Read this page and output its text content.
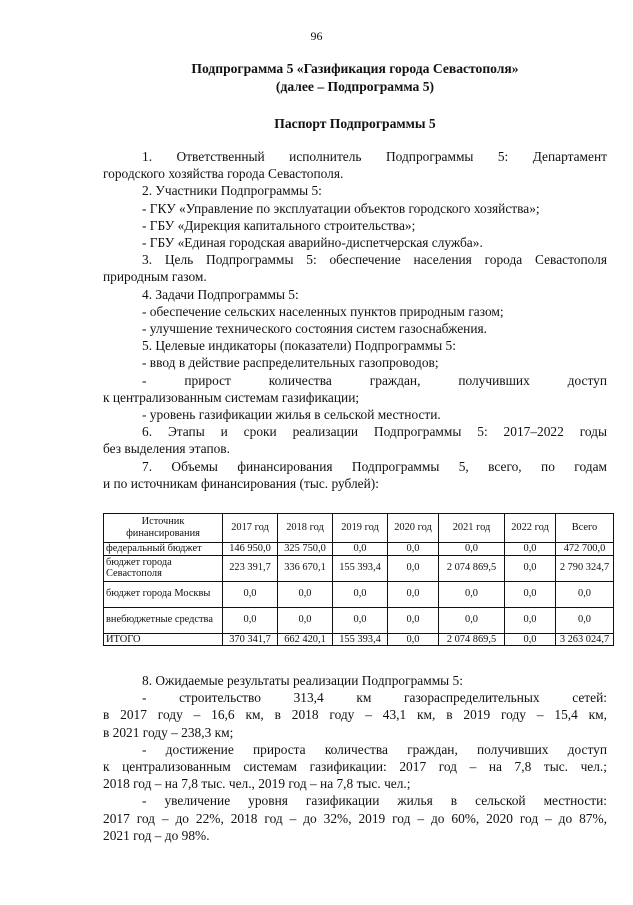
96
Подпрограмма 5 «Газификация города Севастополя»
(далее – Подпрограмма 5)
Паспорт Подпрограммы 5

1. Ответственный исполнитель Подпрограммы 5: Департамент

городского хозяйства города Севастополя.

2. Участники Подпрограммы 5:

- ГКУ «Управление по эксплуатации объектов городского хозяйства»;

- ГБУ «Дирекция капитального строительства»;

- ГБУ «Единая городская аварийно-диспетчерская служба».

3. Цель Подпрограммы 5: обеспечение населения города Севастополя

природным газом.

4. Задачи Подпрограммы 5:

- обеспечение сельских населенных пунктов природным газом;

- улучшение технического состояния систем газоснабжения.

5. Целевые индикаторы (показатели) Подпрограммы 5:

- ввод в действие распределительных газопроводов;

- прирост количества граждан, получивших доступ

к централизованным системам газификации;

- уровень газификации жилья в сельской местности.

6. Этапы и сроки реализации Подпрограммы 5: 2017–2022 годы

без выделения этапов.

7. Объемы финансирования Подпрограммы 5, всего, по годам

и по источникам финансирования (тыс. рублей):

Источник финансирования	2017 год	2018 год	2019 год	2020 год	2021 год	2022 год	Всего
федеральный бюджет	146 950,0	325 750,0	0,0	0,0	0,0	0,0	472 700,0
бюджет города Севастополя	223 391,7	336 670,1	155 393,4	0,0	2 074 869,5	0,0	2 790 324,7
бюджет города Москвы	0,0	0,0	0,0	0,0	0,0	0,0	0,0
внебюджетные средства	0,0	0,0	0,0	0,0	0,0	0,0	0,0
ИТОГО	370 341,7	662 420,1	155 393,4	0,0	2 074 869,5	0,0	3 263 024,7

8. Ожидаемые результаты реализации Подпрограммы 5:

- строительство 313,4 км газораспределительных сетей:

в 2017 году – 16,6 км, в 2018 году – 43,1 км, в 2019 году – 15,4 км,

в 2021 году – 238,3 км;

- достижение прироста количества граждан, получивших доступ

к централизованным системам газификации: 2017 год – на 7,8 тыс. чел.;

2018 год – на 7,8 тыс. чел., 2019 год – на 7,8 тыс. чел.;

- увеличение уровня газификации жилья в сельской местности:

2017 год – до 22%, 2018 год – до 32%, 2019 год – до 60%, 2020 год – до 87%,

2021 год – до 98%.
